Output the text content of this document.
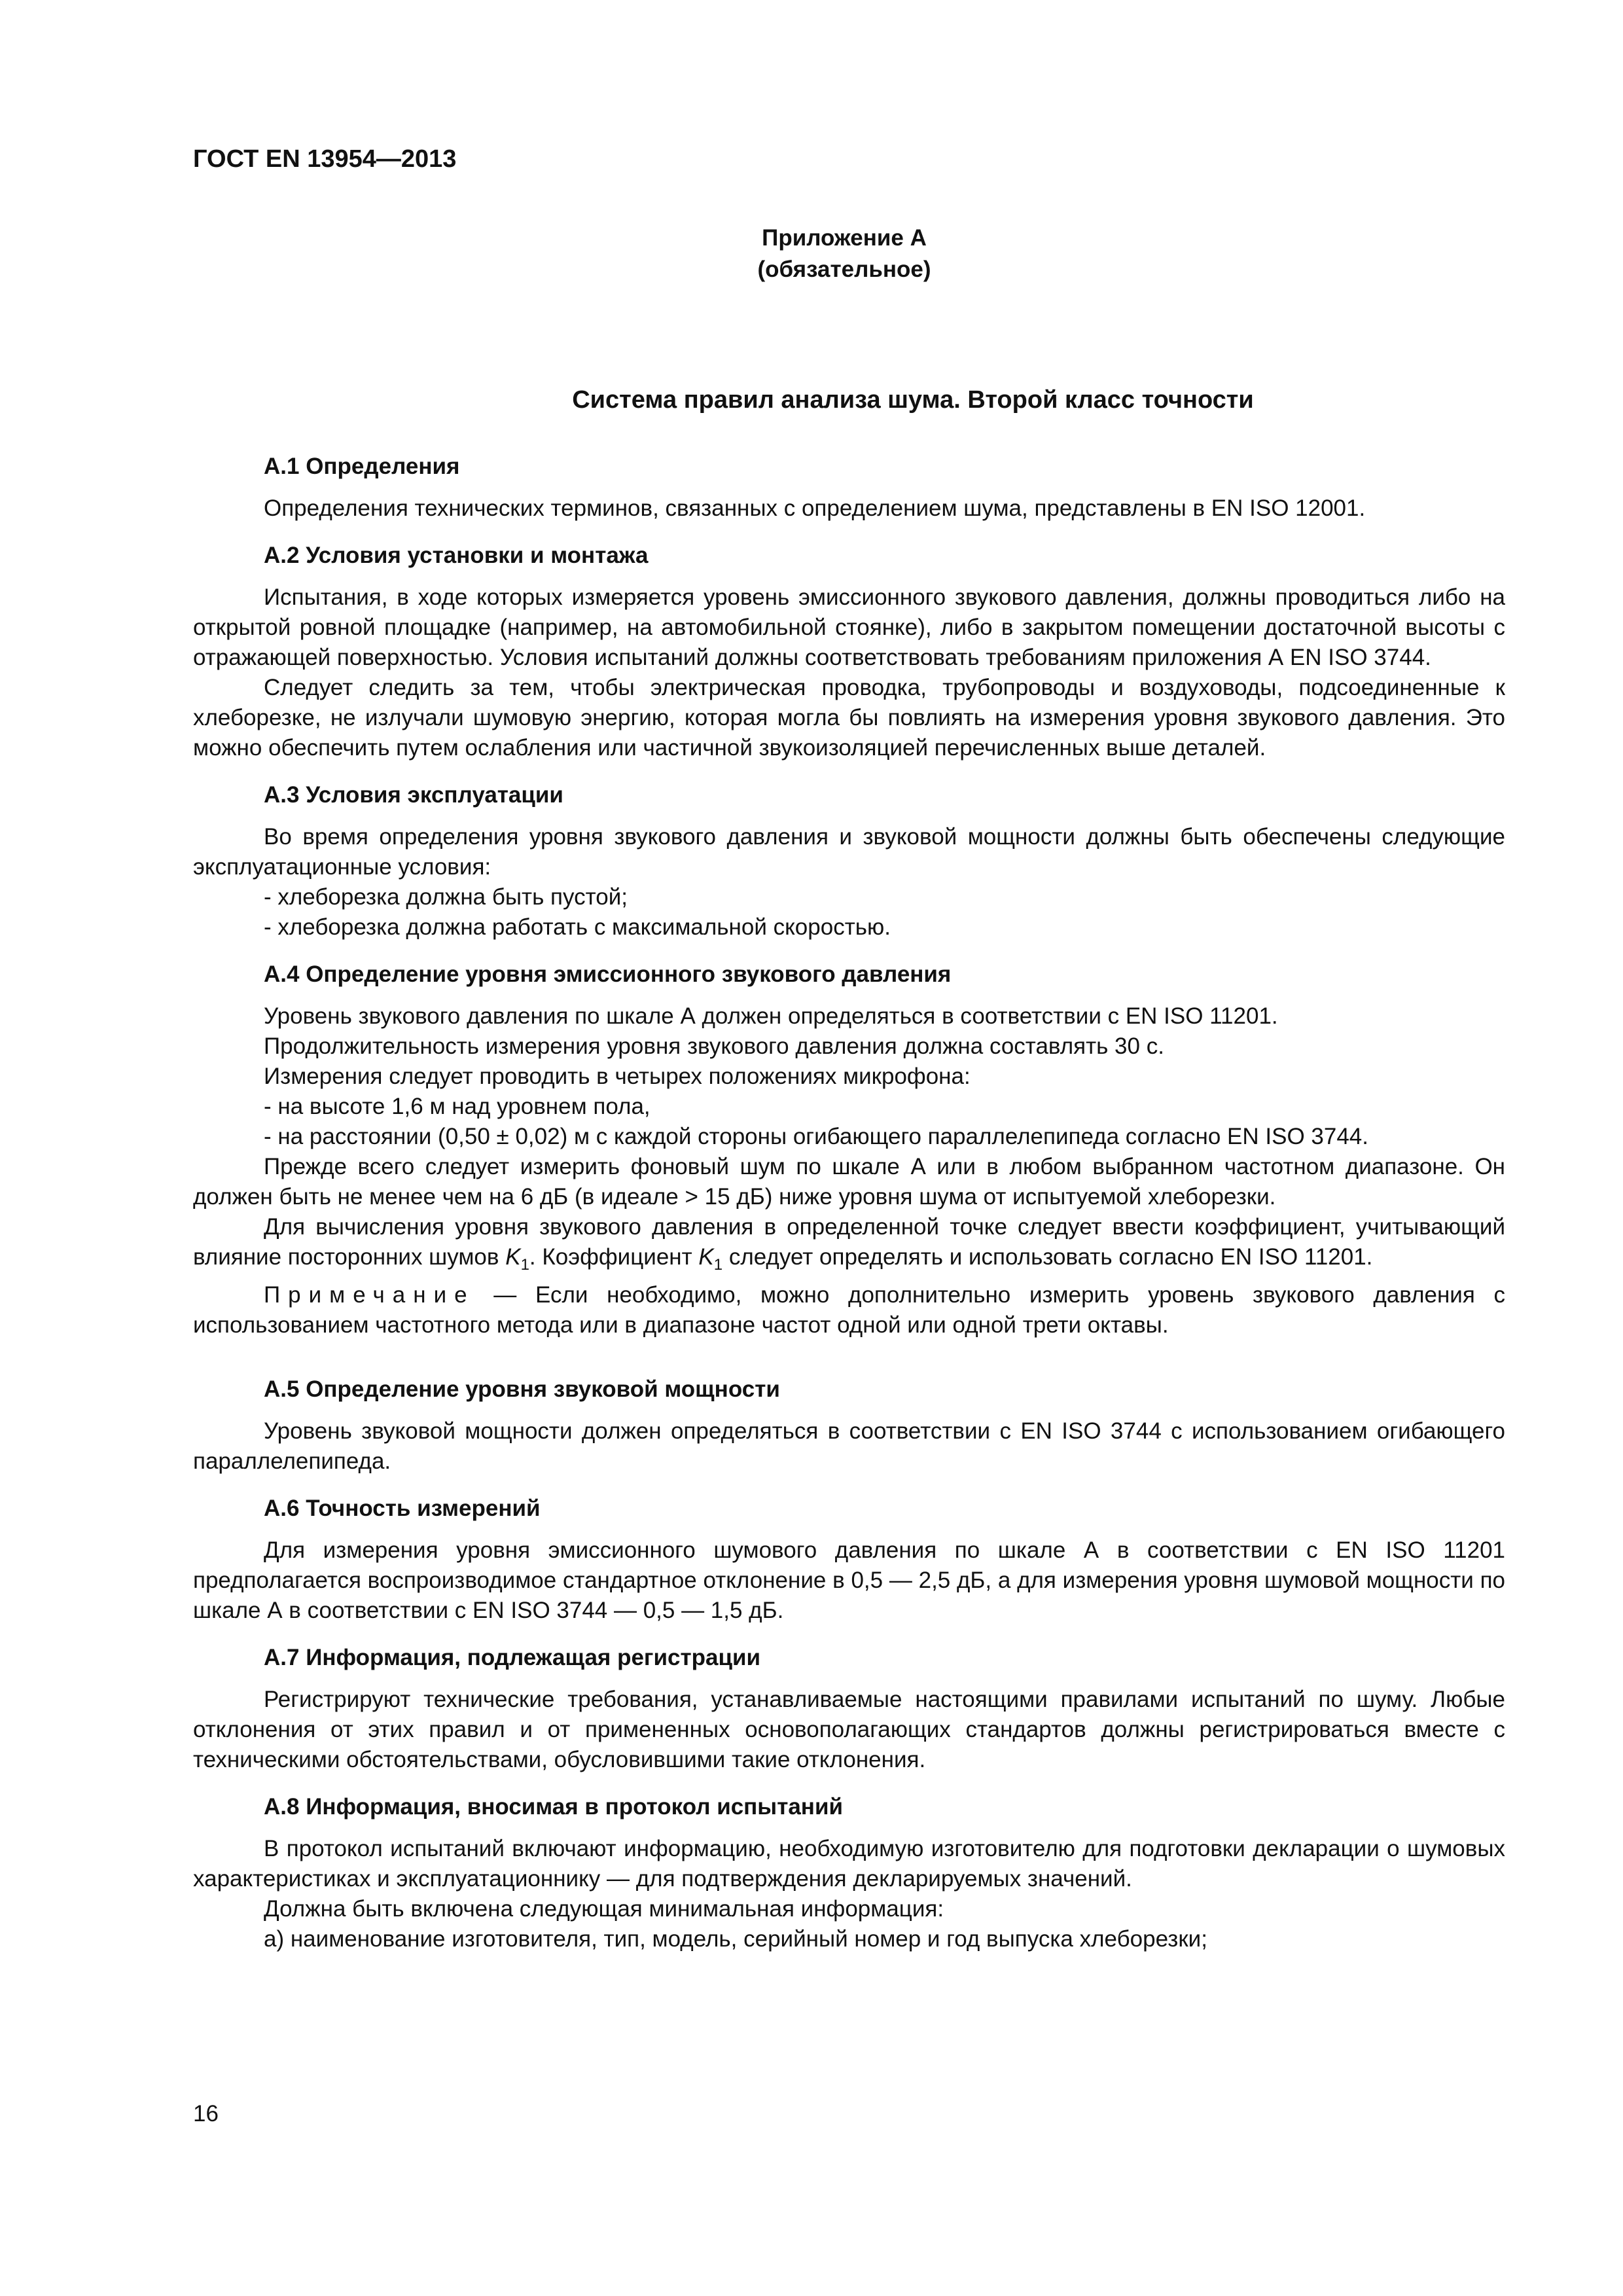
ГОСТ EN 13954—2013
Приложение А
(обязательное)
Система правил анализа шума. Второй класс точности
А.1 Определения

Определения технических терминов, связанных с определением шума, представлены в EN ISO 12001.

А.2 Условия установки и монтажа

Испытания, в ходе которых измеряется уровень эмиссионного звукового давления, должны проводиться либо на открытой ровной площадке (например, на автомобильной стоянке), либо в закрытом помещении достаточной высоты с отражающей поверхностью. Условия испытаний должны соответствовать требованиям приложения А EN ISO 3744.

Следует следить за тем, чтобы электрическая проводка, трубопроводы и воздуховоды, подсоединенные к хлеборезке, не излучали шумовую энергию, которая могла бы повлиять на измерения уровня звукового давления. Это можно обеспечить путем ослабления или частичной звукоизоляцией перечисленных выше деталей.

А.3 Условия эксплуатации

Во время определения уровня звукового давления и звуковой мощности должны быть обеспечены следующие эксплуатационные условия:

- хлеборезка должна быть пустой;

- хлеборезка должна работать с максимальной скоростью.

А.4 Определение уровня эмиссионного звукового давления

Уровень звукового давления по шкале А должен определяться в соответствии с EN ISO 11201.

Продолжительность измерения уровня звукового давления должна составлять 30 с.

Измерения следует проводить в четырех положениях микрофона:

- на высоте 1,6 м над уровнем пола,

- на расстоянии (0,50 ± 0,02) м с каждой стороны огибающего параллелепипеда согласно EN ISO 3744.

Прежде всего следует измерить фоновый шум по шкале А или в любом выбранном частотном диапазоне. Он должен быть не менее чем на 6 дБ (в идеале > 15 дБ) ниже уровня шума от испытуемой хлеборезки.

Для вычисления уровня звукового давления в определенной точке следует ввести коэффициент, учитывающий влияние посторонних шумов $K_1$. Коэффициент $K_1$ следует определять и использовать согласно EN ISO 11201.

Примечание — Если необходимо, можно дополнительно измерить уровень звукового давления с использованием частотного метода или в диапазоне частот одной или одной трети октавы.

А.5 Определение уровня звуковой мощности

Уровень звуковой мощности должен определяться в соответствии с EN ISO 3744 с использованием огибающего параллелепипеда.

А.6 Точность измерений

Для измерения уровня эмиссионного шумового давления по шкале А в соответствии с EN ISO 11201 предполагается воспроизводимое стандартное отклонение в 0,5 — 2,5 дБ, а для измерения уровня шумовой мощности по шкале А в соответствии с EN ISO 3744 — 0,5 — 1,5 дБ.

А.7 Информация, подлежащая регистрации

Регистрируют технические требования, устанавливаемые настоящими правилами испытаний по шуму. Любые отклонения от этих правил и от примененных основополагающих стандартов должны регистрироваться вместе с техническими обстоятельствами, обусловившими такие отклонения.

А.8 Информация, вносимая в протокол испытаний

В протокол испытаний включают информацию, необходимую изготовителю для подготовки декларации о шумовых характеристиках и эксплуатационнику — для подтверждения декларируемых значений.

Должна быть включена следующая минимальная информация:

а) наименование изготовителя, тип, модель, серийный номер и год выпуска хлеборезки;

16
